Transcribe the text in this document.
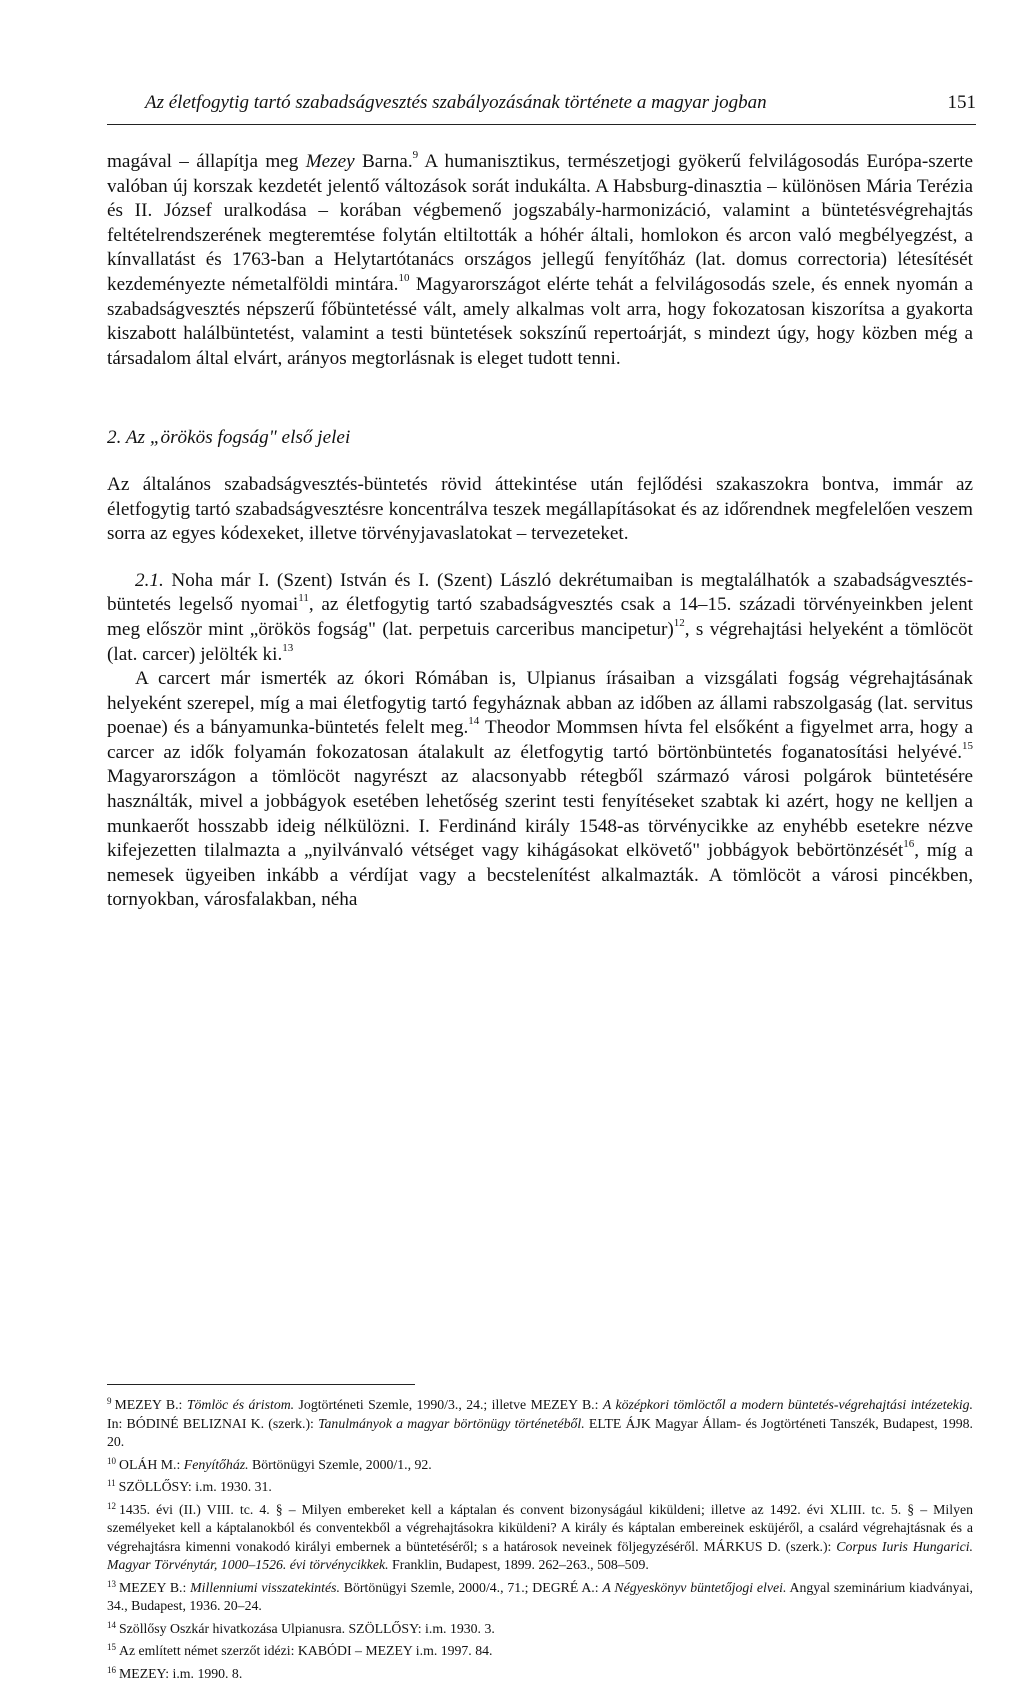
Az életfogytig tartó szabadságvesztés szabályozásának története a magyar jogban	151

magával – állapítja meg Mezey Barna.$^9$ A humanisztikus, természetjogi gyökerű felvilágosodás Európa-szerte valóban új korszak kezdetét jelentő változások sorát indukálta. A Habsburg-dinasztia – különösen Mária Terézia és II. József uralkodása – korában végbemenő jogszabály-harmonizáció, valamint a büntetésvégrehajtás feltételrendszerének megteremtése folytán eltiltották a hóhér általi, homlokon és arcon való megbélyegzést, a kínvallatást és 1763-ban a Helytartótanács országos jellegű fenyítőház (lat. domus correctoria) létesítését kezdeményezte németalföldi mintára.$^{10}$ Magyarországot elérte tehát a felvilágosodás szele, és ennek nyomán a szabadságvesztés népszerű főbüntetéssé vált, amely alkalmas volt arra, hogy fokozatosan kiszorítsa a gyakorta kiszabott halálbüntetést, valamint a testi büntetések sokszínű repertoárját, s mindezt úgy, hogy közben még a társadalom által elvárt, arányos megtorlásnak is eleget tudott tenni.

2. Az „örökös fogság" első jelei

Az általános szabadságvesztés-büntetés rövid áttekintése után fejlődési szakaszokra bontva, immár az életfogytig tartó szabadságvesztésre koncentrálva teszek megállapításokat és az időrendnek megfelelően veszem sorra az egyes kódexeket, illetve törvényjavaslatokat – tervezeteket.

2.1. Noha már I. (Szent) István és I. (Szent) László dekrétumaiban is megtalálhatók a szabadságvesztés-büntetés legelső nyomai$^{11}$, az életfogytig tartó szabadságvesztés csak a 14–15. századi törvényeinkben jelent meg először mint „örökös fogság" (lat. perpetuis carceribus mancipetur)$^{12}$, s végrehajtási helyeként a tömlöcöt (lat. carcer) jelölték ki.$^{13}$

A carcert már ismerték az ókori Rómában is, Ulpianus írásaiban a vizsgálati fogság végrehajtásának helyeként szerepel, míg a mai életfogytig tartó fegyháznak abban az időben az állami rabszolgaság (lat. servitus poenae) és a bányamunka-büntetés felelt meg.$^{14}$ Theodor Mommsen hívta fel elsőként a figyelmet arra, hogy a carcer az idők folyamán fokozatosan átalakult az életfogytig tartó börtönbüntetés foganatosítási helyévé.$^{15}$ Magyarországon a tömlöcöt nagyrészt az alacsonyabb rétegből származó városi polgárok büntetésére használták, mivel a jobbágyok esetében lehetőség szerint testi fenyítéseket szabtak ki azért, hogy ne kelljen a munkaerőt hosszabb ideig nélkülözni. I. Ferdinánd király 1548-as törvénycikke az enyhébb esetekre nézve kifejezetten tilalmazta a „nyilvánvaló vétséget vagy kihágásokat elkövető" jobbágyok bebörtönzését$^{16}$, míg a nemesek ügyeiben inkább a vérdíjat vagy a becstelenítést alkalmazták. A tömlöcöt a városi pincékben, tornyokban, városfalakban, néha

$^9$ MEZEY B.: Tömlöc és áristom. Jogtörténeti Szemle, 1990/3., 24.; illetve MEZEY B.: A középkori tömlöctől a modern büntetés-végrehajtási intézetekig. In: BÓDINÉ BELIZNAI K. (szerk.): Tanulmányok a magyar börtönügy történetéből. ELTE ÁJK Magyar Állam- és Jogtörténeti Tanszék, Budapest, 1998. 20.

$^{10}$ OLÁH M.: Fenyítőház. Börtönügyi Szemle, 2000/1., 92.

$^{11}$ SZÖLLŐSY: i.m. 1930. 31.

$^{12}$ 1435. évi (II.) VIII. tc. 4. § – Milyen embereket kell a káptalan és convent bizonyságául kiküldeni; illetve az 1492. évi XLIII. tc. 5. § – Milyen személyeket kell a káptalanokból és conventekből a végrehajtásokra kiküldeni? A király és káptalan embereinek esküjéről, a csalárd végrehajtásnak és a végrehajtásra kimenni vonakodó királyi embernek a büntetéséről; s a határosok neveinek följegyzéséről. MÁRKUS D. (szerk.): Corpus Iuris Hungarici. Magyar Törvénytár, 1000–1526. évi törvénycikkek. Franklin, Budapest, 1899. 262–263., 508–509.

$^{13}$ MEZEY B.: Millenniumi visszatekintés. Börtönügyi Szemle, 2000/4., 71.; DEGRÉ A.: A Négyeskönyv büntetőjogi elvei. Angyal szeminárium kiadványai, 34., Budapest, 1936. 20–24.

$^{14}$ Szöllősy Oszkár hivatkozása Ulpianusra. SZÖLLŐSY: i.m. 1930. 3.

$^{15}$ Az említett német szerzőt idézi: KABÓDI – MEZEY i.m. 1997. 84.

$^{16}$ MEZEY: i.m. 1990. 8.
